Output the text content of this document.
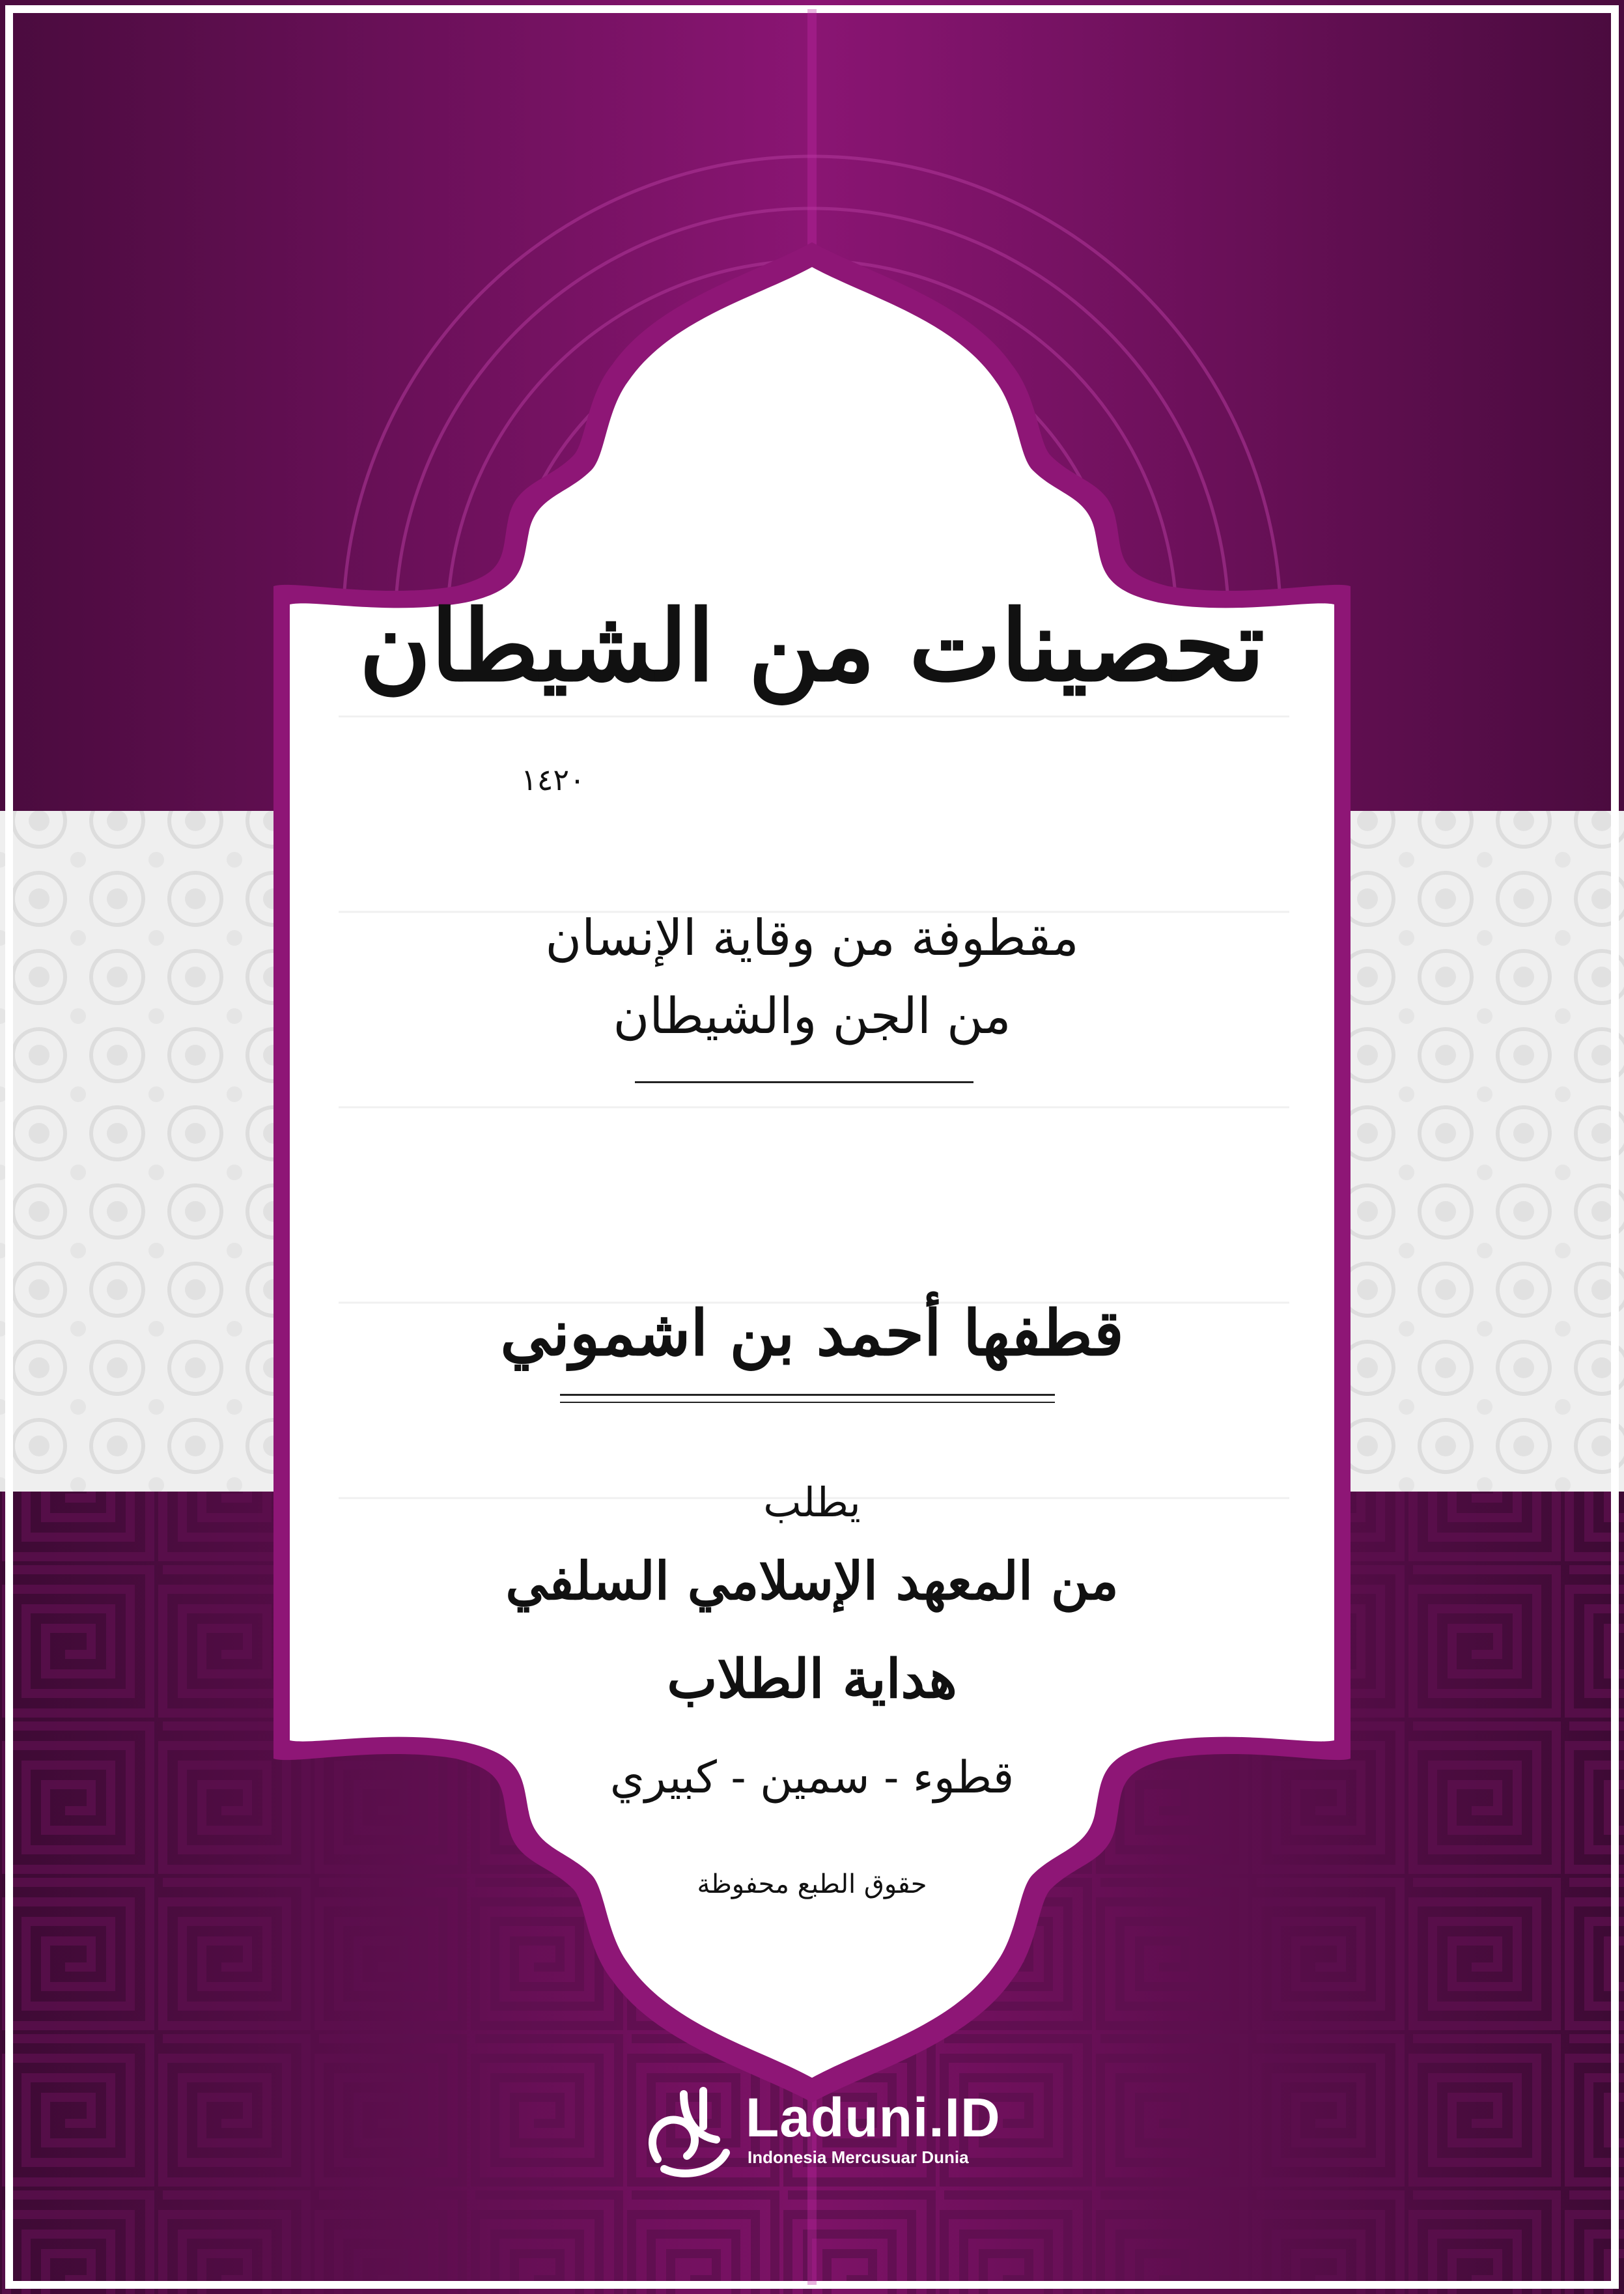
تحصينات من الشيطان
١٤٢٠
مقطوفة من وقاية الإنسان
من الجن والشيطان
قطفها أحمد بن اشموني
يطلب
من المعهد الإسلامي السلفي
هداية الطلاب
قطوء - سمين - كبيري
حقوق الطبع محفوظة
Laduni.ID
Indonesia Mercusuar Dunia
